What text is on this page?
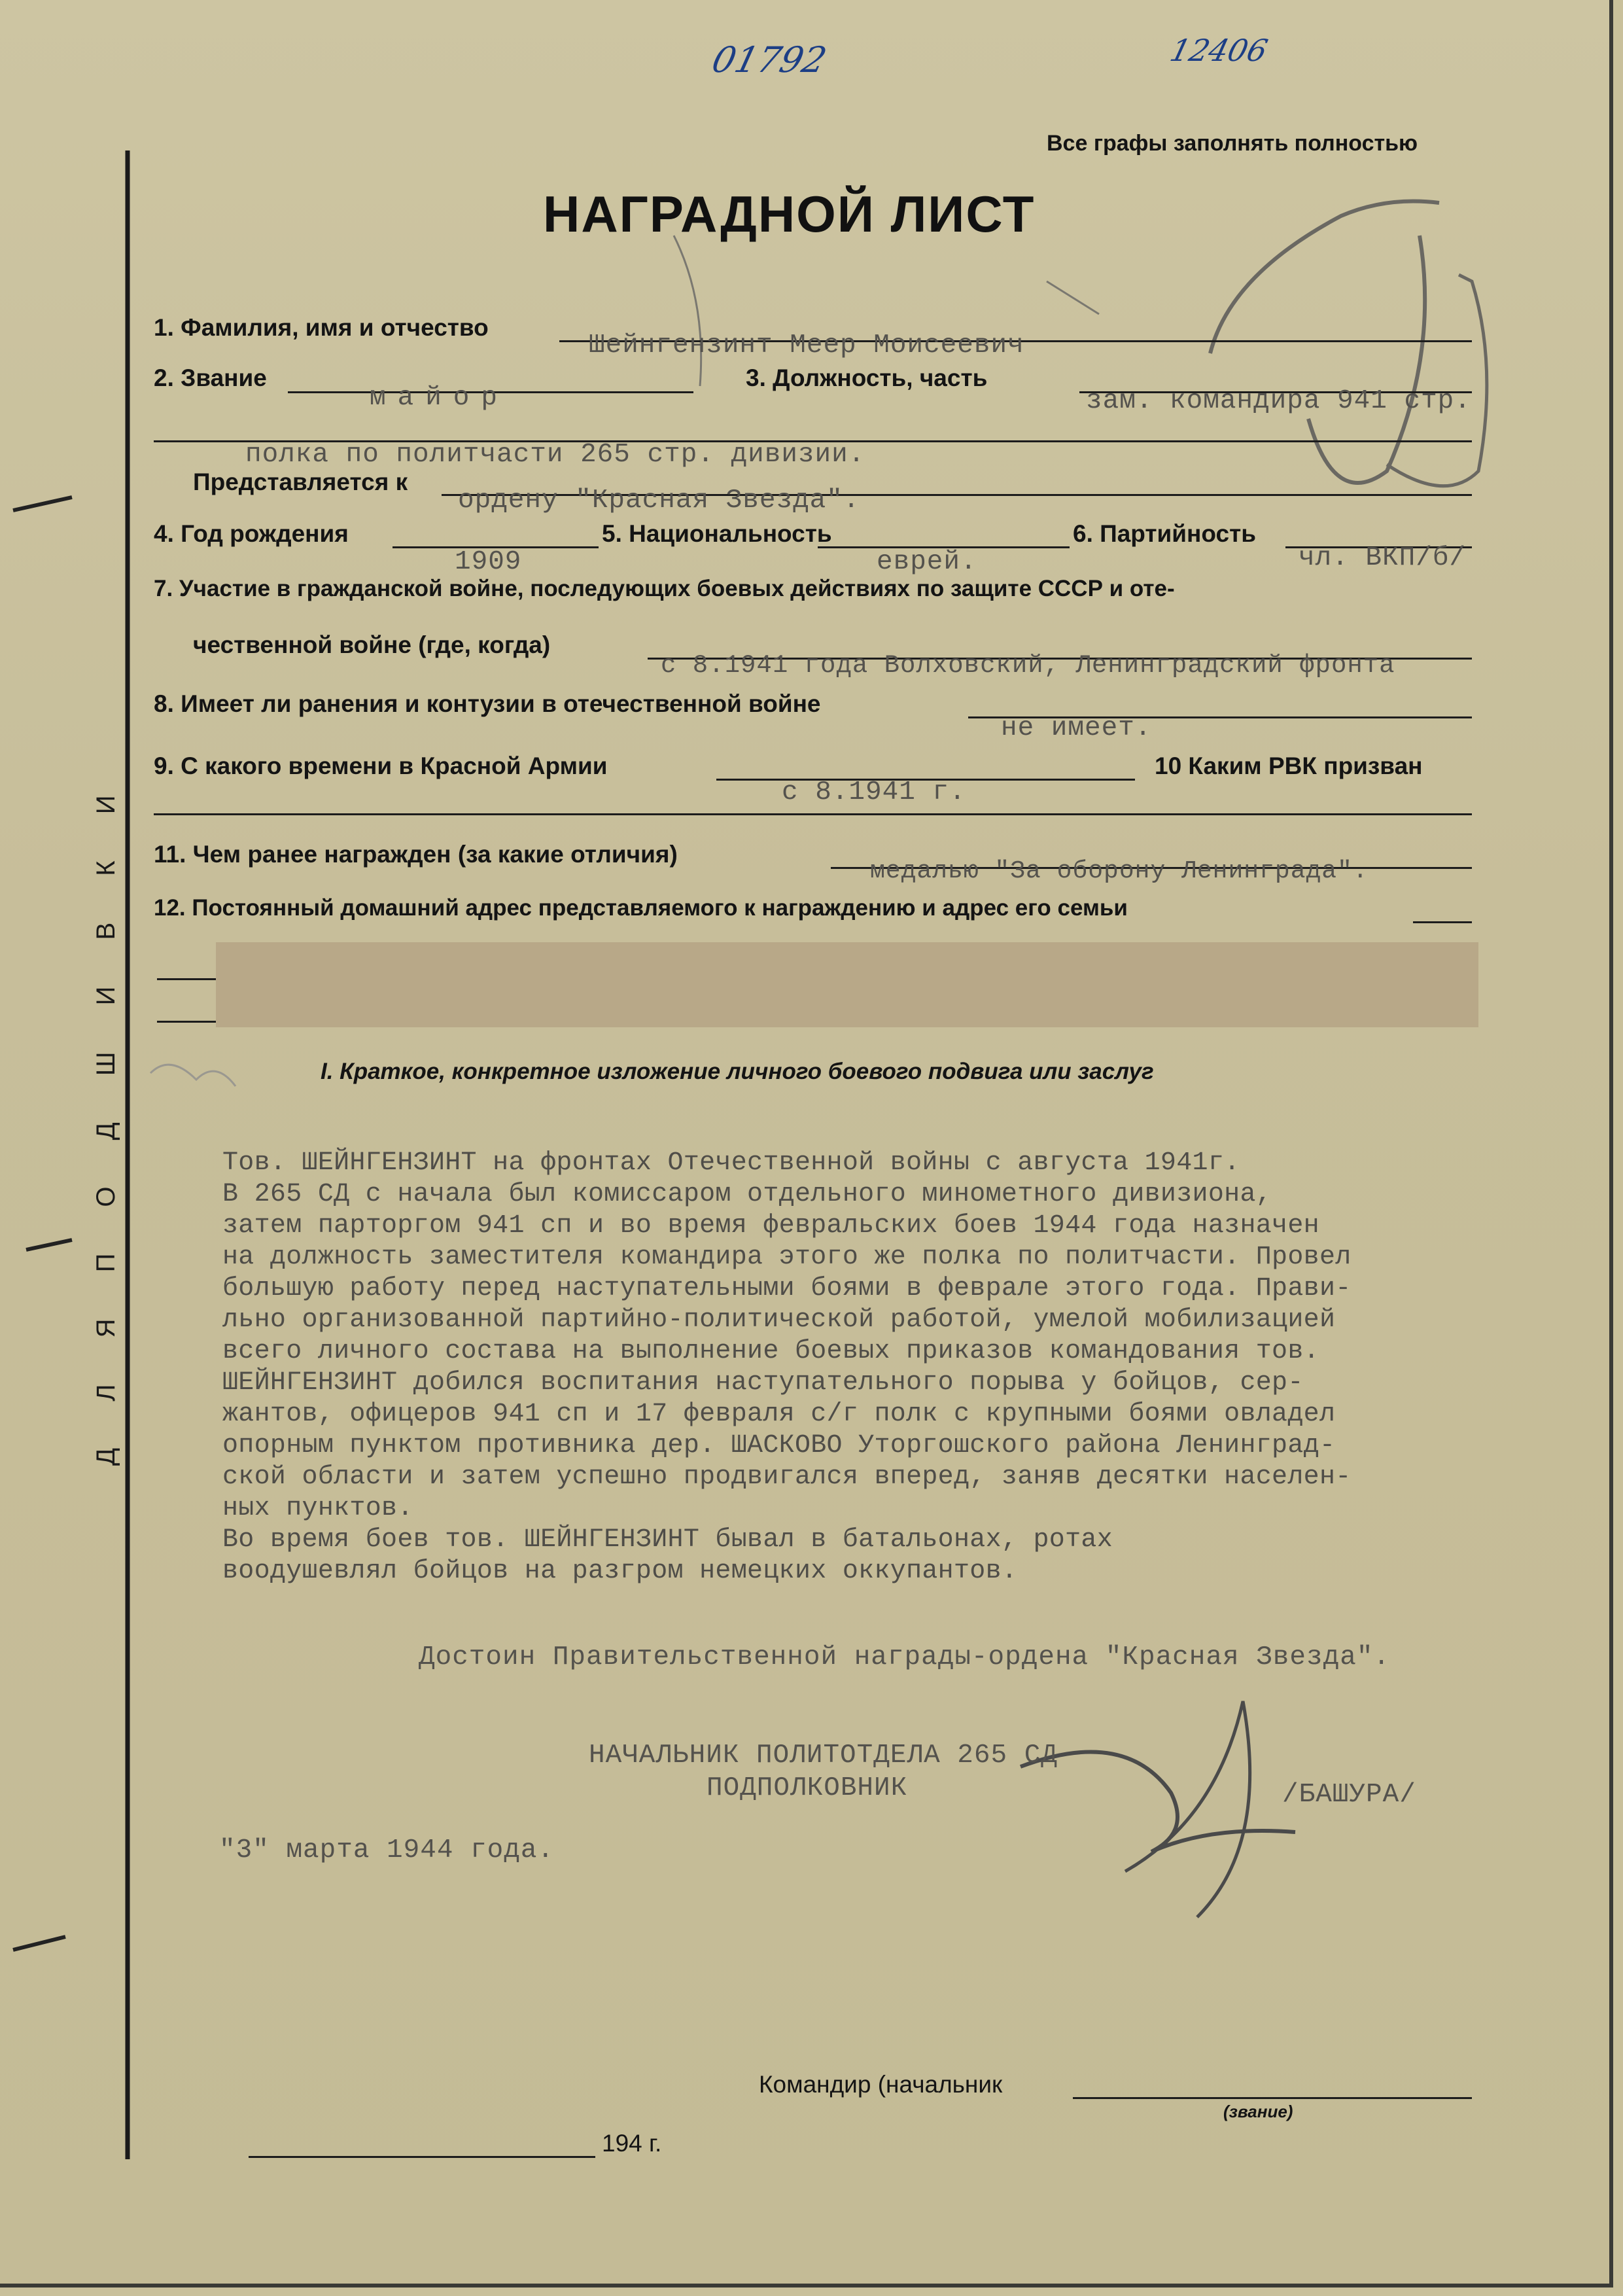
01792	12406
Все графы заполнять полностью
НАГРАДНОЙ ЛИСТ
1. Фамилия, имя и отчество
Шейнгензинт Меер Моисеевич
2. Звание
майор
3. Должность, часть
зам. командира 941 стр.
полка по политчасти 265 стр. дивизии.
Представляется к
ордену "Красная Звезда".
4. Год рождения
1909
5. Национальность
еврей.
6. Партийность
чл. ВКП/б/
7. Участие в гражданской войне, последующих боевых действиях по защите СССР и оте-
чественной войне (где, когда)
с 8.1941 года Волховский, Ленинградский фронта
8. Имеет ли ранения и контузии в отечественной войне
не имеет.
9. С какого времени в Красной Армии	10 Каким РВК призван
с 8.1941 г.
11. Чем ранее награжден (за какие отличия)
медалью "За оборону Ленинграда".
12. Постоянный домашний адрес представляемого к награждению и адрес его семьи
Д Л Я П О Д Ш И В К И	I. Краткое, конкретное изложение личного боевого подвига или заслуг
Тов. ШЕЙНГЕНЗИНТ на фронтах Отечественной войны с августа 1941г.
В 265 СД с начала был комиссаром отдельного минометного дивизиона,
затем парторгом 941 сп и во время февральских боев 1944 года назначен
на должность заместителя командира этого же полка по политчасти. Провел
большую работу перед наступательными боями в феврале этого года. Прави-
льно организованной партийно-политической работой, умелой мобилизацией
всего личного состава на выполнение боевых приказов командования тов.
ШЕЙНГЕНЗИНТ добился воспитания наступательного порыва у бойцов, сер-
жантов, офицеров 941 сп и 17 февраля с/г полк с крупными боями овладел
опорным пунктом противника дер. ШАСКОВО Уторгошского района Ленинград-
ской области и затем успешно продвигался вперед, заняв десятки населен-
ных пунктов.
Во время боев тов. ШЕЙНГЕНЗИНТ бывал в батальонах, ротах
воодушевлял бойцов на разгром немецких оккупантов.
Достоин Правительственной награды-ордена "Красная Звезда".
НАЧАЛЬНИК ПОЛИТОТДЕЛА 265 СД
ПОДПОЛКОВНИК	/БАШУРА/
"3" марта 1944 года.
Командир (начальник
(звание)
194 г.
